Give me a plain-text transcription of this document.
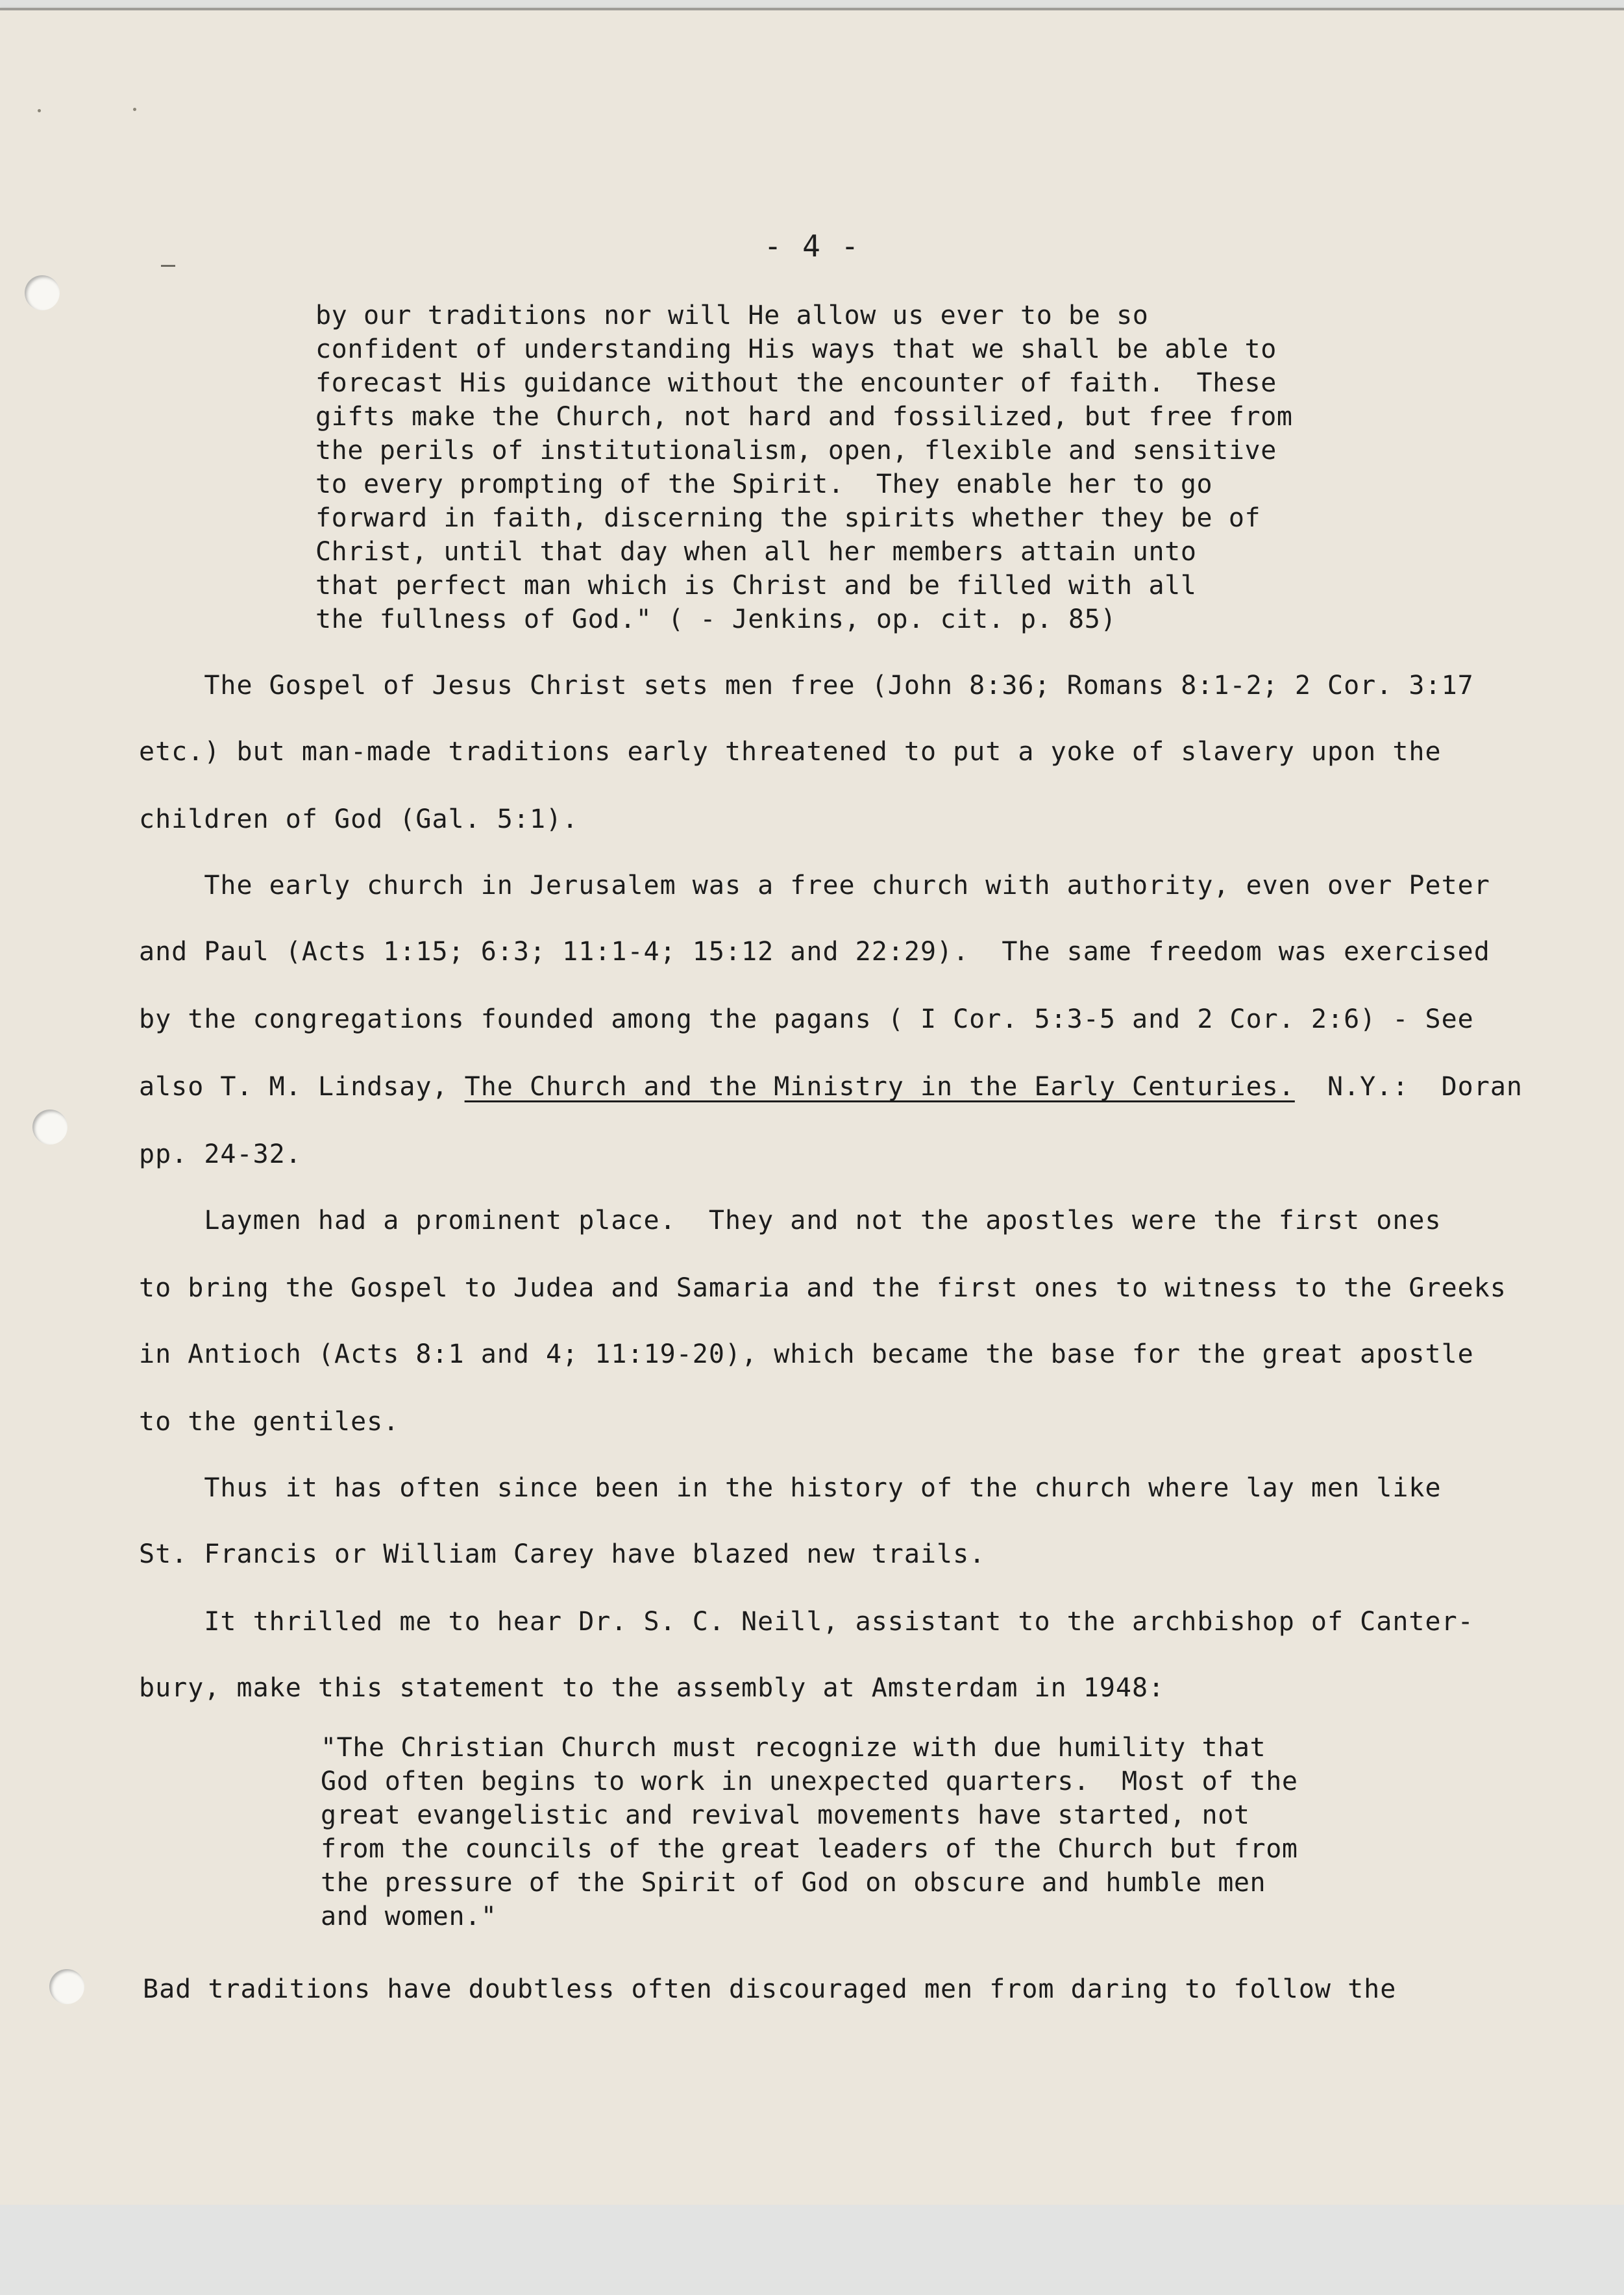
- 4 -
by our traditions nor will He allow us ever to be so
confident of understanding His ways that we shall be able to
forecast His guidance without the encounter of faith.  These
gifts make the Church, not hard and fossilized, but free from
the perils of institutionalism, open, flexible and sensitive
to every prompting of the Spirit.  They enable her to go
forward in faith, discerning the spirits whether they be of
Christ, until that day when all her members attain unto
that perfect man which is Christ and be filled with all
the fullness of God." ( - Jenkins, op. cit. p. 85)
The Gospel of Jesus Christ sets men free (John 8:36; Romans 8:1-2; 2 Cor. 3:17
etc.) but man-made traditions early threatened to put a yoke of slavery upon the
children of God (Gal. 5:1).
The early church in Jerusalem was a free church with authority, even over Peter
and Paul (Acts 1:15; 6:3; 11:1-4; 15:12 and 22:29).  The same freedom was exercised
by the congregations founded among the pagans ( I Cor. 5:3-5 and 2 Cor. 2:6) - See
also T. M. Lindsay, The Church and the Ministry in the Early Centuries.  N.Y.:  Doran
pp. 24-32.
Laymen had a prominent place.  They and not the apostles were the first ones
to bring the Gospel to Judea and Samaria and the first ones to witness to the Greeks
in Antioch (Acts 8:1 and 4; 11:19-20), which became the base for the great apostle
to the gentiles.
Thus it has often since been in the history of the church where lay men like
St. Francis or William Carey have blazed new trails.
It thrilled me to hear Dr. S. C. Neill, assistant to the archbishop of Canter-
bury, make this statement to the assembly at Amsterdam in 1948:
"The Christian Church must recognize with due humility that
God often begins to work in unexpected quarters.  Most of the
great evangelistic and revival movements have started, not
from the councils of the great leaders of the Church but from
the pressure of the Spirit of God on obscure and humble men
and women."
Bad traditions have doubtless often discouraged men from daring to follow the
